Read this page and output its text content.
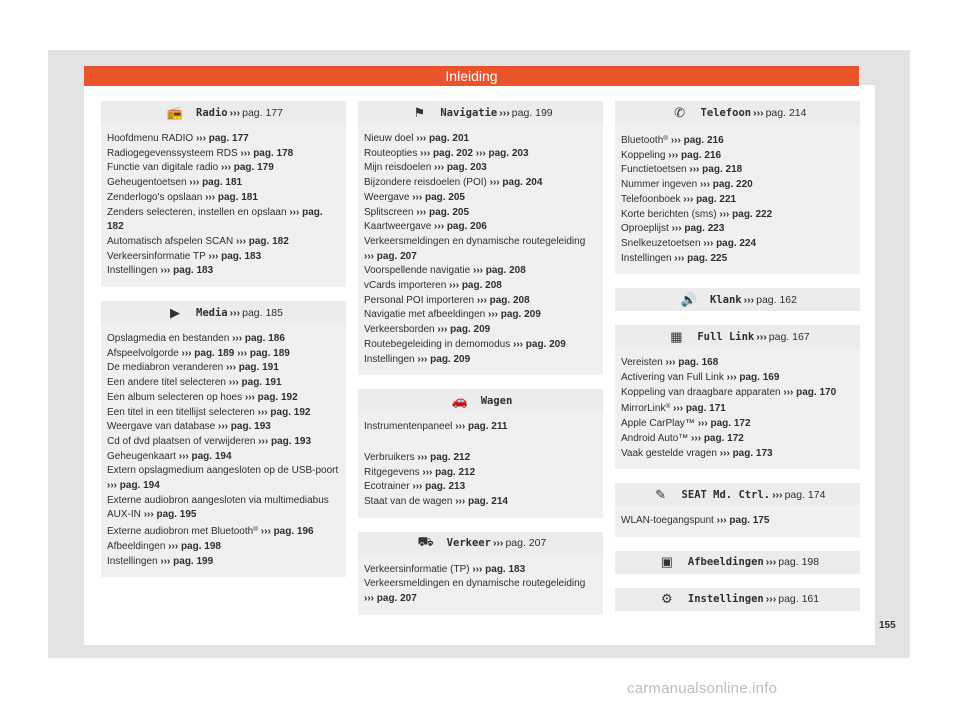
Inleiding
📻 Radio ››› pag. 177
Hoofdmenu RADIO ››› pag. 177
Radiogegevenssysteem RDS ››› pag. 178
Functie van digitale radio ››› pag. 179
Geheugentoetsen ››› pag. 181
Zenderlogo's opslaan ››› pag. 181
Zenders selecteren, instellen en opslaan ››› pag. 182
Automatisch afspelen SCAN ››› pag. 182
Verkeersinformatie TP ››› pag. 183
Instellingen ››› pag. 183
▶	Media ››› pag. 185
Opslagmedia en bestanden ››› pag. 186
Afspeelvolgorde ››› pag. 189 ››› pag. 189
De mediabron veranderen ››› pag. 191
Een andere titel selecteren ››› pag. 191
Een album selecteren op hoes ››› pag. 192
Een titel in een titellijst selecteren ››› pag. 192
Weergave van database ››› pag. 193
Cd of dvd plaatsen of verwijderen ››› pag. 193
Geheugenkaart ››› pag. 194
Extern opslagmedium aangesloten op de USB-poort ››› pag. 194
Externe audiobron aangesloten via multimediabus AUX-IN ››› pag. 195
Externe audiobron met Bluetooth® ››› pag. 196
Afbeeldingen ››› pag. 198
Instellingen ››› pag. 199
⚑	Navigatie ››› pag. 199
Nieuw doel ››› pag. 201
Routeopties ››› pag. 202 ››› pag. 203
Mijn reisdoelen ››› pag. 203
Bijzondere reisdoelen (POI) ››› pag. 204
Weergave ››› pag. 205
Splitscreen ››› pag. 205
Kaartweergave ››› pag. 206
Verkeersmeldingen en dynamische routegeleiding ››› pag. 207
Voorspellende navigatie ››› pag. 208
vCards importeren ››› pag. 208
Personal POI importeren ››› pag. 208
Navigatie met afbeeldingen ››› pag. 209
Verkeersborden ››› pag. 209
Routebegeleiding in demomodus ››› pag. 209
Instellingen ››› pag. 209
🚗 Wagen
Instrumentenpaneel ››› pag. 211
Verbruikers ››› pag. 212
Ritgegevens ››› pag. 212
Ecotrainer ››› pag. 213
Staat van de wagen ››› pag. 214
⛟ Verkeer ››› pag. 207
Verkeersinformatie (TP) ››› pag. 183
Verkeersmeldingen en dynamische routegeleiding ››› pag. 207
✆	Telefoon ››› pag. 214
Bluetooth® ››› pag. 216
Koppeling ››› pag. 216
Functietoetsen ››› pag. 218
Nummer ingeven ››› pag. 220
Telefoonboek ››› pag. 221
Korte berichten (sms) ››› pag. 222
Oproeplijst ››› pag. 223
Snelkeuzetoetsen ››› pag. 224
Instellingen ››› pag. 225
🔊 Klank ››› pag. 162
▦	Full Link ››› pag. 167
Vereisten ››› pag. 168
Activering van Full Link ››› pag. 169
Koppeling van draagbare apparaten ››› pag. 170
MirrorLink® ››› pag. 171
Apple CarPlay™ ››› pag. 172
Android Auto™ ››› pag. 172
Vaak gestelde vragen ››› pag. 173
✎	SEAT Md. Ctrl. ››› pag. 174
WLAN-toegangspunt ››› pag. 175
▣	Afbeeldingen ››› pag. 198
⚙	Instellingen ››› pag. 161
155
carmanualsonline.info
